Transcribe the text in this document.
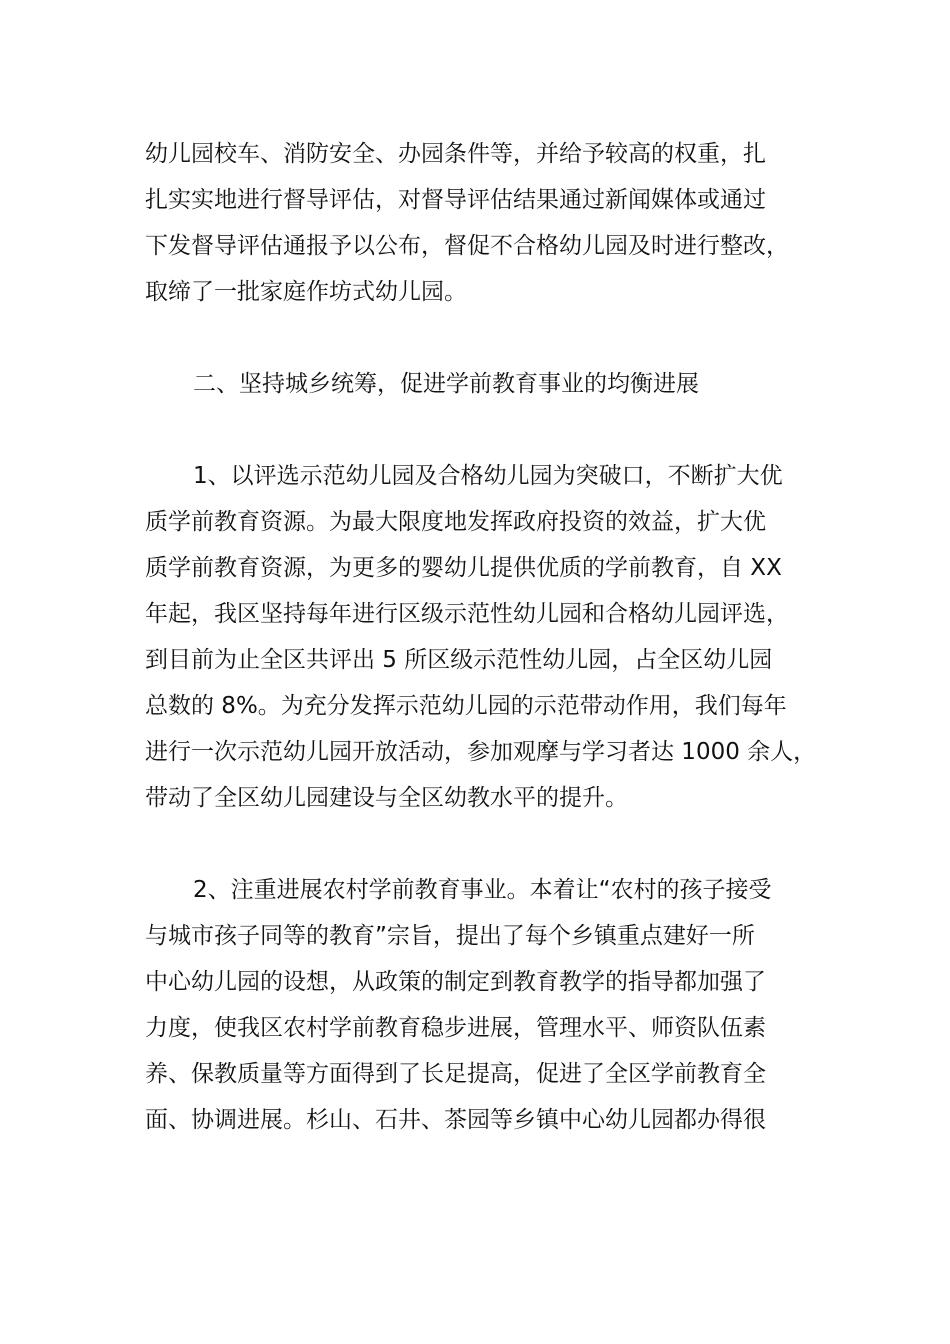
幼儿园校车、消防安全、办园条件等，并给予较高的权重，扎
扎实实地进行督导评估，对督导评估结果通过新闻媒体或通过
下发督导评估通报予以公布，督促不合格幼儿园及时进行整改，
取缔了一批家庭作坊式幼儿园。
二、坚持城乡统筹，促进学前教育事业的均衡进展
1、以评选示范幼儿园及合格幼儿园为突破口，不断扩大优
质学前教育资源。为最大限度地发挥政府投资的效益，扩大优
质学前教育资源，为更多的婴幼儿提供优质的学前教育，自 XX
年起，我区坚持每年进行区级示范性幼儿园和合格幼儿园评选，
到目前为止全区共评出 5 所区级示范性幼儿园，占全区幼儿园
总数的 8%。为充分发挥示范幼儿园的示范带动作用，我们每年
进行一次示范幼儿园开放活动，参加观摩与学习者达 1000 余人，
带动了全区幼儿园建设与全区幼教水平的提升。
2、注重进展农村学前教育事业。本着让“农村的孩子接受
与城市孩子同等的教育”宗旨，提出了每个乡镇重点建好一所
中心幼儿园的设想，从政策的制定到教育教学的指导都加强了
力度，使我区农村学前教育稳步进展，管理水平、师资队伍素
养、保教质量等方面得到了长足提高，促进了全区学前教育全
面、协调进展。杉山、石井、茶园等乡镇中心幼儿园都办得很
